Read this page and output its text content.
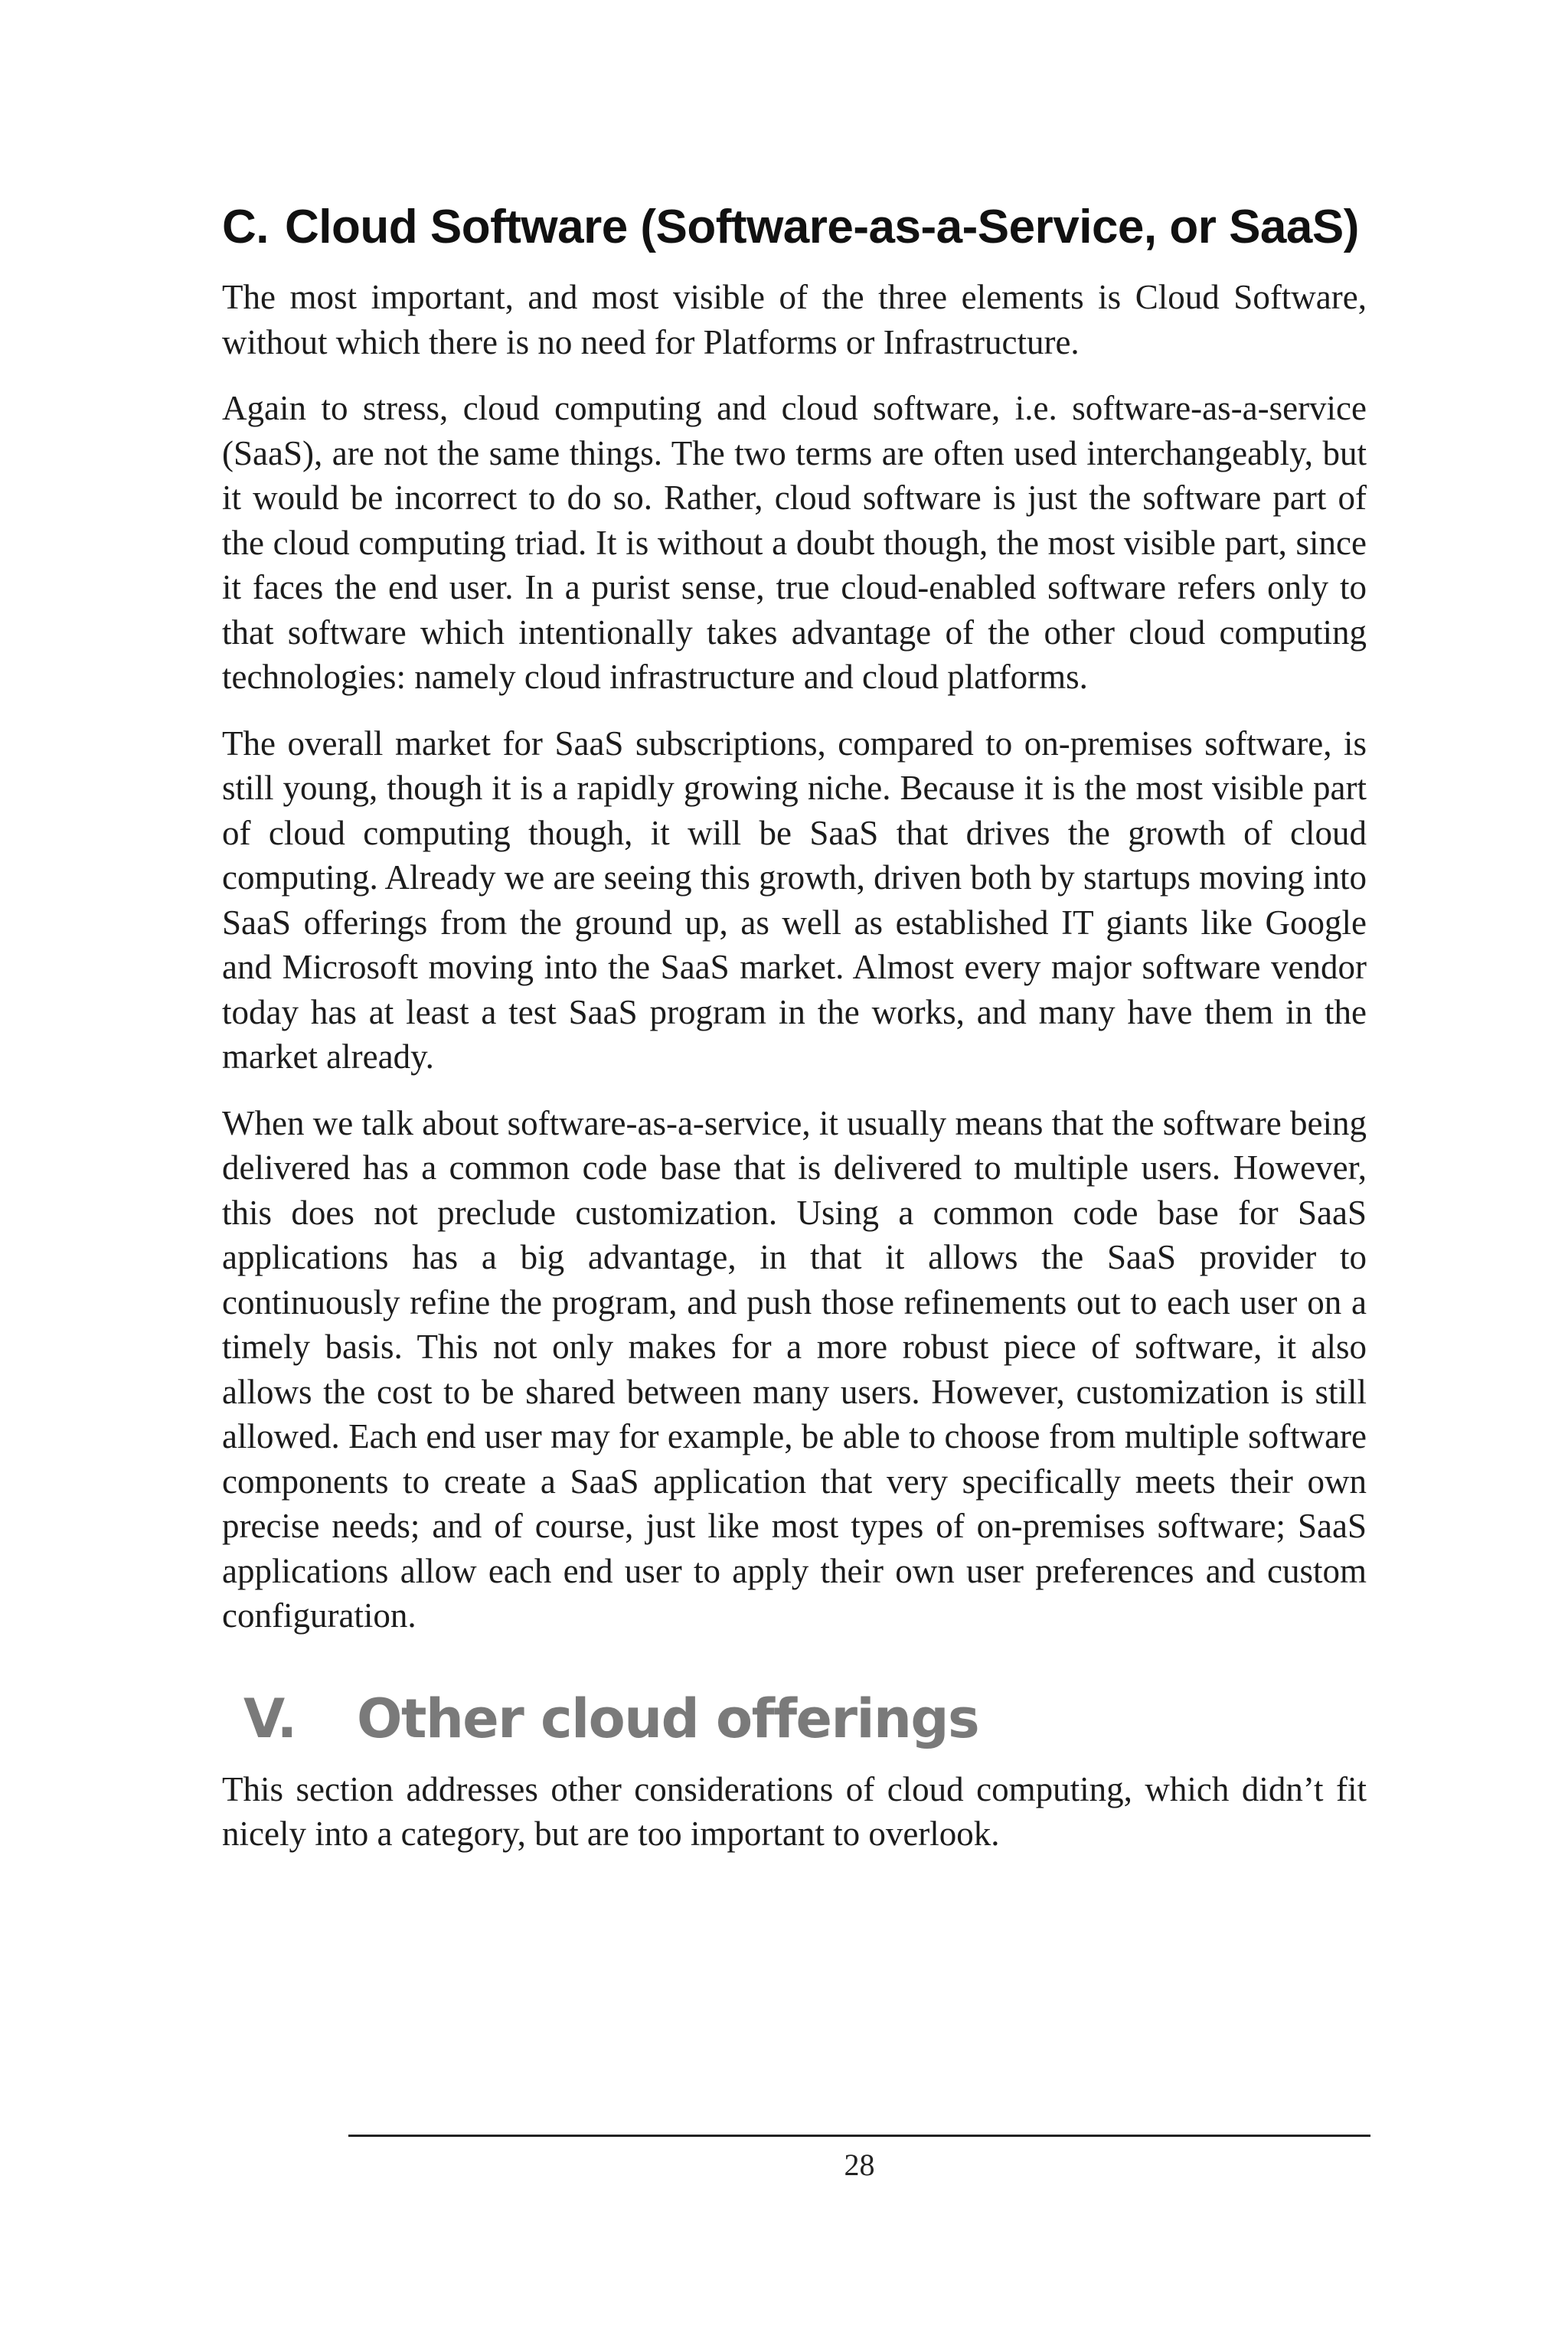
C. Cloud Software (Software-as-a-Service, or SaaS)

The most important, and most visible of the three elements is Cloud Software, without which there is no need for Platforms or Infrastructure.

Again to stress, cloud computing and cloud software, i.e. software-as-a-service (SaaS), are not the same things. The two terms are often used interchangeably, but it would be incorrect to do so. Rather, cloud software is just the software part of the cloud computing triad. It is without a doubt though, the most visible part, since it faces the end user. In a purist sense, true cloud-enabled software refers only to that software which intentionally takes advantage of the other cloud computing technologies: namely cloud infrastructure and cloud platforms.

The overall market for SaaS subscriptions, compared to on-premises software, is still young, though it is a rapidly growing niche. Because it is the most visible part of cloud computing though, it will be SaaS that drives the growth of cloud computing. Already we are seeing this growth, driven both by startups moving into SaaS offerings from the ground up, as well as established IT giants like Google and Microsoft moving into the SaaS market. Almost every major software vendor today has at least a test SaaS program in the works, and many have them in the market already.

When we talk about software-as-a-service, it usually means that the software being delivered has a common code base that is delivered to multiple users. However, this does not preclude customization. Using a common code base for SaaS applications has a big advantage, in that it allows the SaaS provider to continuously refine the program, and push those refinements out to each user on a timely basis. This not only makes for a more robust piece of software, it also allows the cost to be shared between many users. However, customization is still allowed. Each end user may for example, be able to choose from multiple software components to create a SaaS application that very specifically meets their own precise needs; and of course, just like most types of on-premises software; SaaS applications allow each end user to apply their own user preferences and custom configuration.

V.	Other cloud offerings

This section addresses other considerations of cloud computing, which didn’t fit nicely into a category, but are too important to overlook.

28
